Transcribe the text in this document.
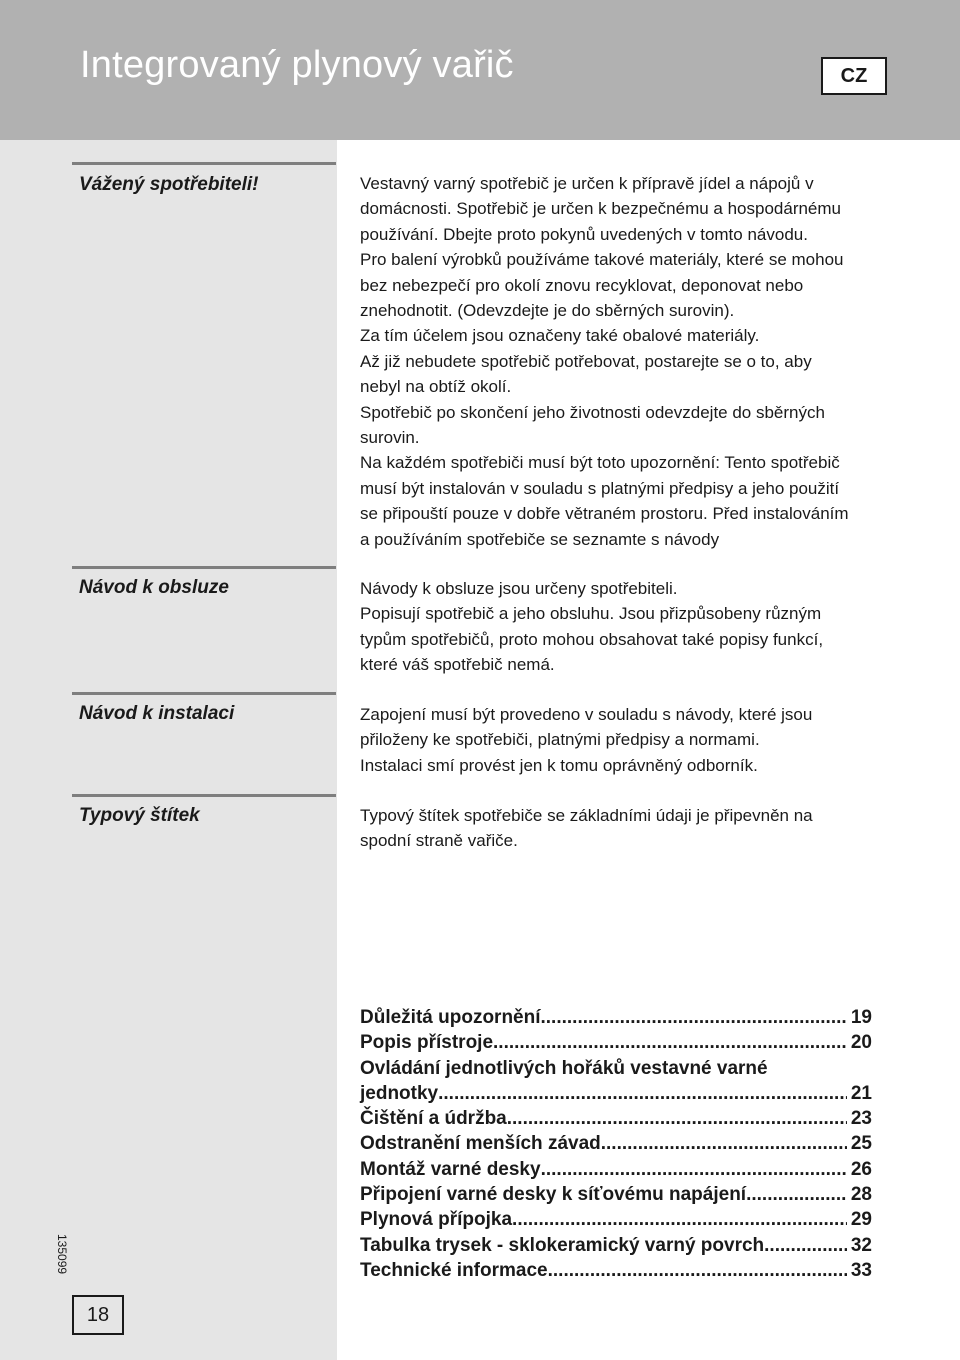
Integrovaný plynový vařič	CZ
Vážený spotřebiteli!	Vestavný varný spotřebič je určen k přípravě jídel a nápojů v

domácnosti. Spotřebič je určen k bezpečnému a hospodárnému

používání. Dbejte proto pokynů uvedených v tomto návodu.

Pro balení výrobků používáme takové materiály, které se mohou

bez nebezpečí pro okolí znovu recyklovat, deponovat nebo

znehodnotit. (Odevzdejte je do sběrných surovin).

Za tím účelem jsou označeny také obalové materiály.

Až již nebudete spotřebič potřebovat, postarejte se o to, aby

nebyl na obtíž okolí.

Spotřebič po skončení jeho životnosti odevzdejte do sběrných

surovin.

Na každém spotřebiči musí být toto upozornění: Tento spotřebič

musí být instalován v souladu s platnými předpisy a jeho použití

se připouští pouze v dobře větraném prostoru. Před instalováním

a používáním spotřebiče se seznamte s návody

Návod k obsluze	Návody k obsluze jsou určeny spotřebiteli.

Popisují spotřebič a jeho obsluhu. Jsou přizpůsobeny různým

typům spotřebičů, proto mohou obsahovat také popisy funkcí,

které váš spotřebič nemá.

Návod k instalaci	Zapojení musí být provedeno v souladu s návody, které jsou

přiloženy ke spotřebiči, platnými předpisy a normami.

Instalaci smí provést jen k tomu oprávněný odborník.

Typový štítek	Typový štítek spotřebiče se základními údaji je připevněn na

spodní straně vařiče.

Důležitá upozornění .....	19
Popis přístroje .....	20
Ovládání jednotlivých hořáků vestavné varné
jednotky .....	21
Čištění a údržba .....	23
Odstranění menších závad .....	25
Montáž varné desky .....	26
Připojení varné desky k síťovému napájení .....	28
Plynová přípojka .....	29
Tabulka trysek - sklokeramický varný povrch .....	32
Technické informace .....	33
135099
18
